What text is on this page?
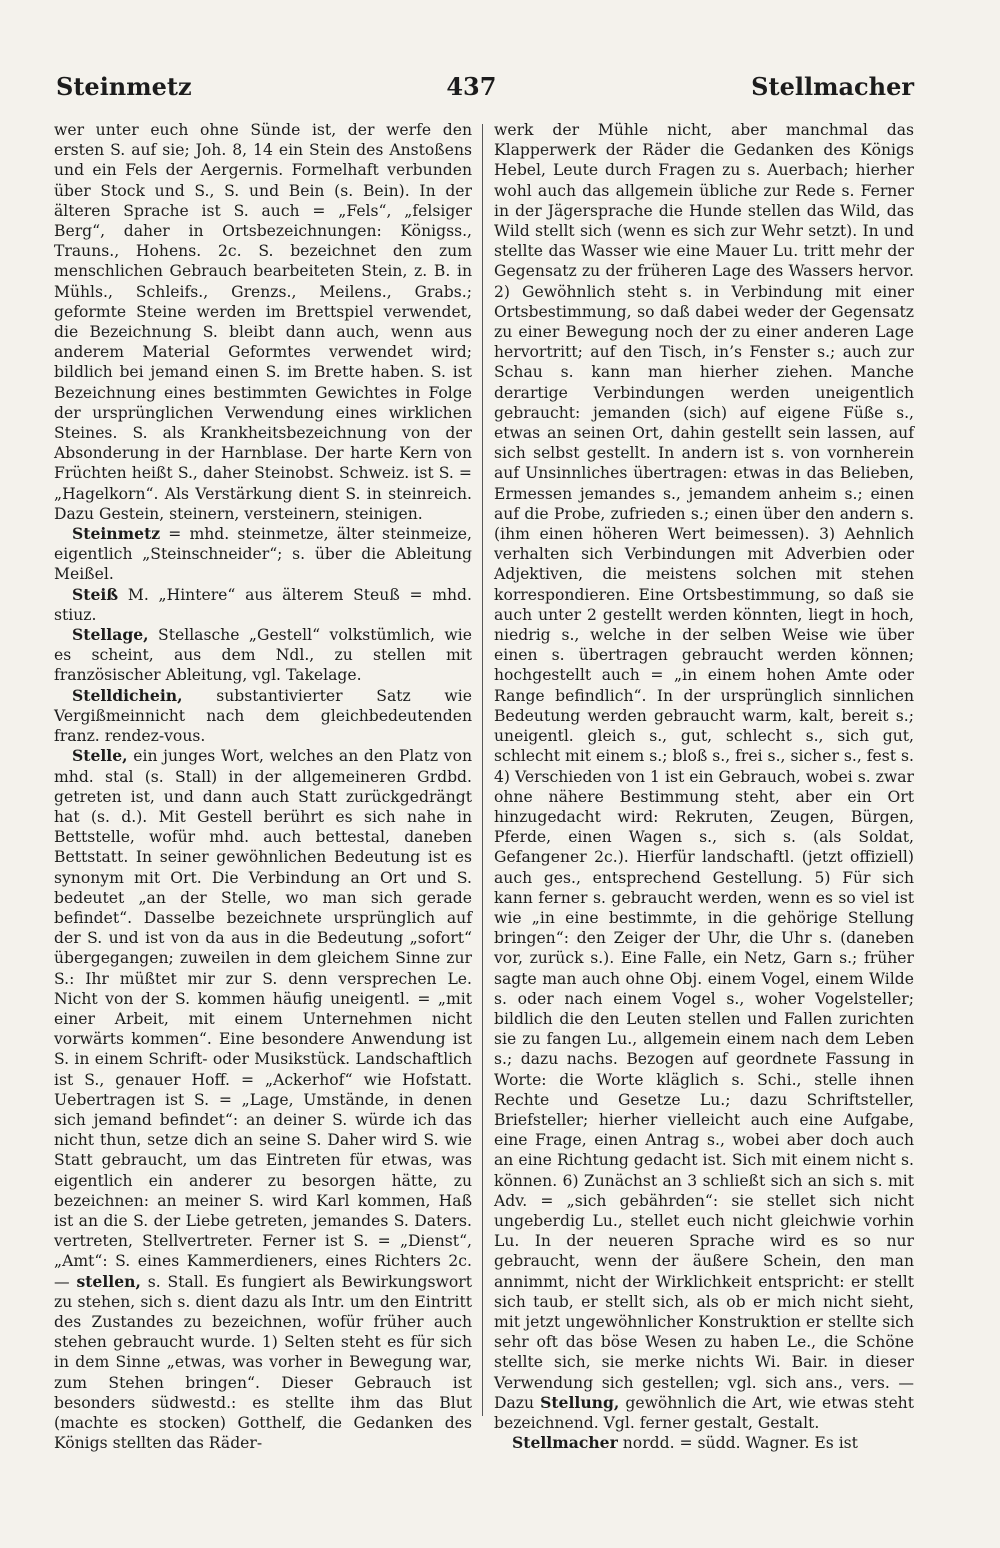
Steinmetz	437	Stellmacher

wer unter euch ohne Sünde ist, der werfe den ersten S. auf sie; Joh. 8, 14 ein Stein des Anstoßens und ein Fels der Aergernis. Formelhaft verbunden über Stock und S., S. und Bein (s. Bein). In der älteren Sprache ist S. auch = „Fels“, „felsiger Berg“, daher in Ortsbezeichnungen: Königss., Trauns., Hohens. 2c. S. bezeichnet den zum menschlichen Gebrauch bearbeiteten Stein, z. B. in Mühls., Schleifs., Grenzs., Meilens., Grabs.; geformte Steine werden im Brettspiel verwendet, die Bezeichnung S. bleibt dann auch, wenn aus anderem Material Geformtes verwendet wird; bildlich bei jemand einen S. im Brette haben. S. ist Bezeichnung eines bestimmten Gewichtes in Folge der ursprünglichen Verwendung eines wirklichen Steines. S. als Krankheitsbezeichnung von der Absonderung in der Harnblase. Der harte Kern von Früchten heißt S., daher Steinobst. Schweiz. ist S. = „Hagelkorn“. Als Verstärkung dient S. in steinreich. Dazu Gestein, steinern, versteinern, steinigen.

Steinmetz = mhd. steinmetze, älter steinmeize, eigentlich „Steinschneider“; s. über die Ableitung Meißel.

Steiß M. „Hintere“ aus älterem Steuß = mhd. stiuz.

Stellage, Stellasche „Gestell“ volkstümlich, wie es scheint, aus dem Ndl., zu stellen mit französischer Ableitung, vgl. Takelage.

Stelldichein, substantivierter Satz wie Vergißmeinnicht nach dem gleichbedeutenden franz. rendez-vous.

Stelle, ein junges Wort, welches an den Platz von mhd. stal (s. Stall) in der allgemeineren Grdbd. getreten ist, und dann auch Statt zurückgedrängt hat (s. d.). Mit Gestell berührt es sich nahe in Bettstelle, wofür mhd. auch bettestal, daneben Bettstatt. In seiner gewöhnlichen Bedeutung ist es synonym mit Ort. Die Verbindung an Ort und S. bedeutet „an der Stelle, wo man sich gerade befindet“. Dasselbe bezeichnete ursprünglich auf der S. und ist von da aus in die Bedeutung „sofort“ übergegangen; zuweilen in dem gleichem Sinne zur S.: Ihr müßtet mir zur S. denn versprechen Le. Nicht von der S. kommen häufig uneigentl. = „mit einer Arbeit, mit einem Unternehmen nicht vorwärts kommen“. Eine besondere Anwendung ist S. in einem Schrift- oder Musikstück. Landschaftlich ist S., genauer Hoff. = „Ackerhof“ wie Hofstatt. Uebertragen ist S. = „Lage, Umstände, in denen sich jemand befindet“: an deiner S. würde ich das nicht thun, setze dich an seine S. Daher wird S. wie Statt gebraucht, um das Eintreten für etwas, was eigentlich ein anderer zu besorgen hätte, zu bezeichnen: an meiner S. wird Karl kommen, Haß ist an die S. der Liebe getreten, jemandes S. Daters. vertreten, Stellvertreter. Ferner ist S. = „Dienst“, „Amt“: S. eines Kammerdieners, eines Richters 2c. — stellen, s. Stall. Es fungiert als Bewirkungswort zu stehen, sich s. dient dazu als Intr. um den Eintritt des Zustandes zu bezeichnen, wofür früher auch stehen gebraucht wurde. 1) Selten steht es für sich in dem Sinne „etwas, was vorher in Bewegung war, zum Stehen bringen“. Dieser Gebrauch ist besonders südwestd.: es stellte ihm das Blut (machte es stocken) Gotthelf, die Gedanken des Königs stellten das Räder-

werk der Mühle nicht, aber manchmal das Klapperwerk der Räder die Gedanken des Königs Hebel, Leute durch Fragen zu s. Auerbach; hierher wohl auch das allgemein übliche zur Rede s. Ferner in der Jägersprache die Hunde stellen das Wild, das Wild stellt sich (wenn es sich zur Wehr setzt). In und stellte das Wasser wie eine Mauer Lu. tritt mehr der Gegensatz zu der früheren Lage des Wassers hervor. 2) Gewöhnlich steht s. in Verbindung mit einer Ortsbestimmung, so daß dabei weder der Gegensatz zu einer Bewegung noch der zu einer anderen Lage hervortritt; auf den Tisch, in’s Fenster s.; auch zur Schau s. kann man hierher ziehen. Manche derartige Verbindungen werden uneigentlich gebraucht: jemanden (sich) auf eigene Füße s., etwas an seinen Ort, dahin gestellt sein lassen, auf sich selbst gestellt. In andern ist s. von vornherein auf Unsinnliches übertragen: etwas in das Belieben, Ermessen jemandes s., jemandem anheim s.; einen auf die Probe, zufrieden s.; einen über den andern s. (ihm einen höheren Wert beimessen). 3) Aehnlich verhalten sich Verbindungen mit Adverbien oder Adjektiven, die meistens solchen mit stehen korrespondieren. Eine Ortsbestimmung, so daß sie auch unter 2 gestellt werden könnten, liegt in hoch, niedrig s., welche in der selben Weise wie über einen s. übertragen gebraucht werden können; hochgestellt auch = „in einem hohen Amte oder Range befindlich“. In der ursprünglich sinnlichen Bedeutung werden gebraucht warm, kalt, bereit s.; uneigentl. gleich s., gut, schlecht s., sich gut, schlecht mit einem s.; bloß s., frei s., sicher s., fest s. 4) Verschieden von 1 ist ein Gebrauch, wobei s. zwar ohne nähere Bestimmung steht, aber ein Ort hinzugedacht wird: Rekruten, Zeugen, Bürgen, Pferde, einen Wagen s., sich s. (als Soldat, Gefangener 2c.). Hierfür landschaftl. (jetzt offiziell) auch ges., entsprechend Gestellung. 5) Für sich kann ferner s. gebraucht werden, wenn es so viel ist wie „in eine bestimmte, in die gehörige Stellung bringen“: den Zeiger der Uhr, die Uhr s. (daneben vor, zurück s.). Eine Falle, ein Netz, Garn s.; früher sagte man auch ohne Obj. einem Vogel, einem Wilde s. oder nach einem Vogel s., woher Vogelsteller; bildlich die den Leuten stellen und Fallen zurichten sie zu fangen Lu., allgemein einem nach dem Leben s.; dazu nachs. Bezogen auf geordnete Fassung in Worte: die Worte kläglich s. Schi., stelle ihnen Rechte und Gesetze Lu.; dazu Schriftsteller, Briefsteller; hierher vielleicht auch eine Aufgabe, eine Frage, einen Antrag s., wobei aber doch auch an eine Richtung gedacht ist. Sich mit einem nicht s. können. 6) Zunächst an 3 schließt sich an sich s. mit Adv. = „sich gebährden“: sie stellet sich nicht ungeberdig Lu., stellet euch nicht gleichwie vorhin Lu. In der neueren Sprache wird es so nur gebraucht, wenn der äußere Schein, den man annimmt, nicht der Wirklichkeit entspricht: er stellt sich taub, er stellt sich, als ob er mich nicht sieht, mit jetzt ungewöhnlicher Konstruktion er stellte sich sehr oft das böse Wesen zu haben Le., die Schöne stellte sich, sie merke nichts Wi. Bair. in dieser Verwendung sich gestellen; vgl. sich ans., vers. — Dazu Stellung, gewöhnlich die Art, wie etwas steht bezeichnend. Vgl. ferner gestalt, Gestalt.

Stellmacher nordd. = südd. Wagner. Es ist
